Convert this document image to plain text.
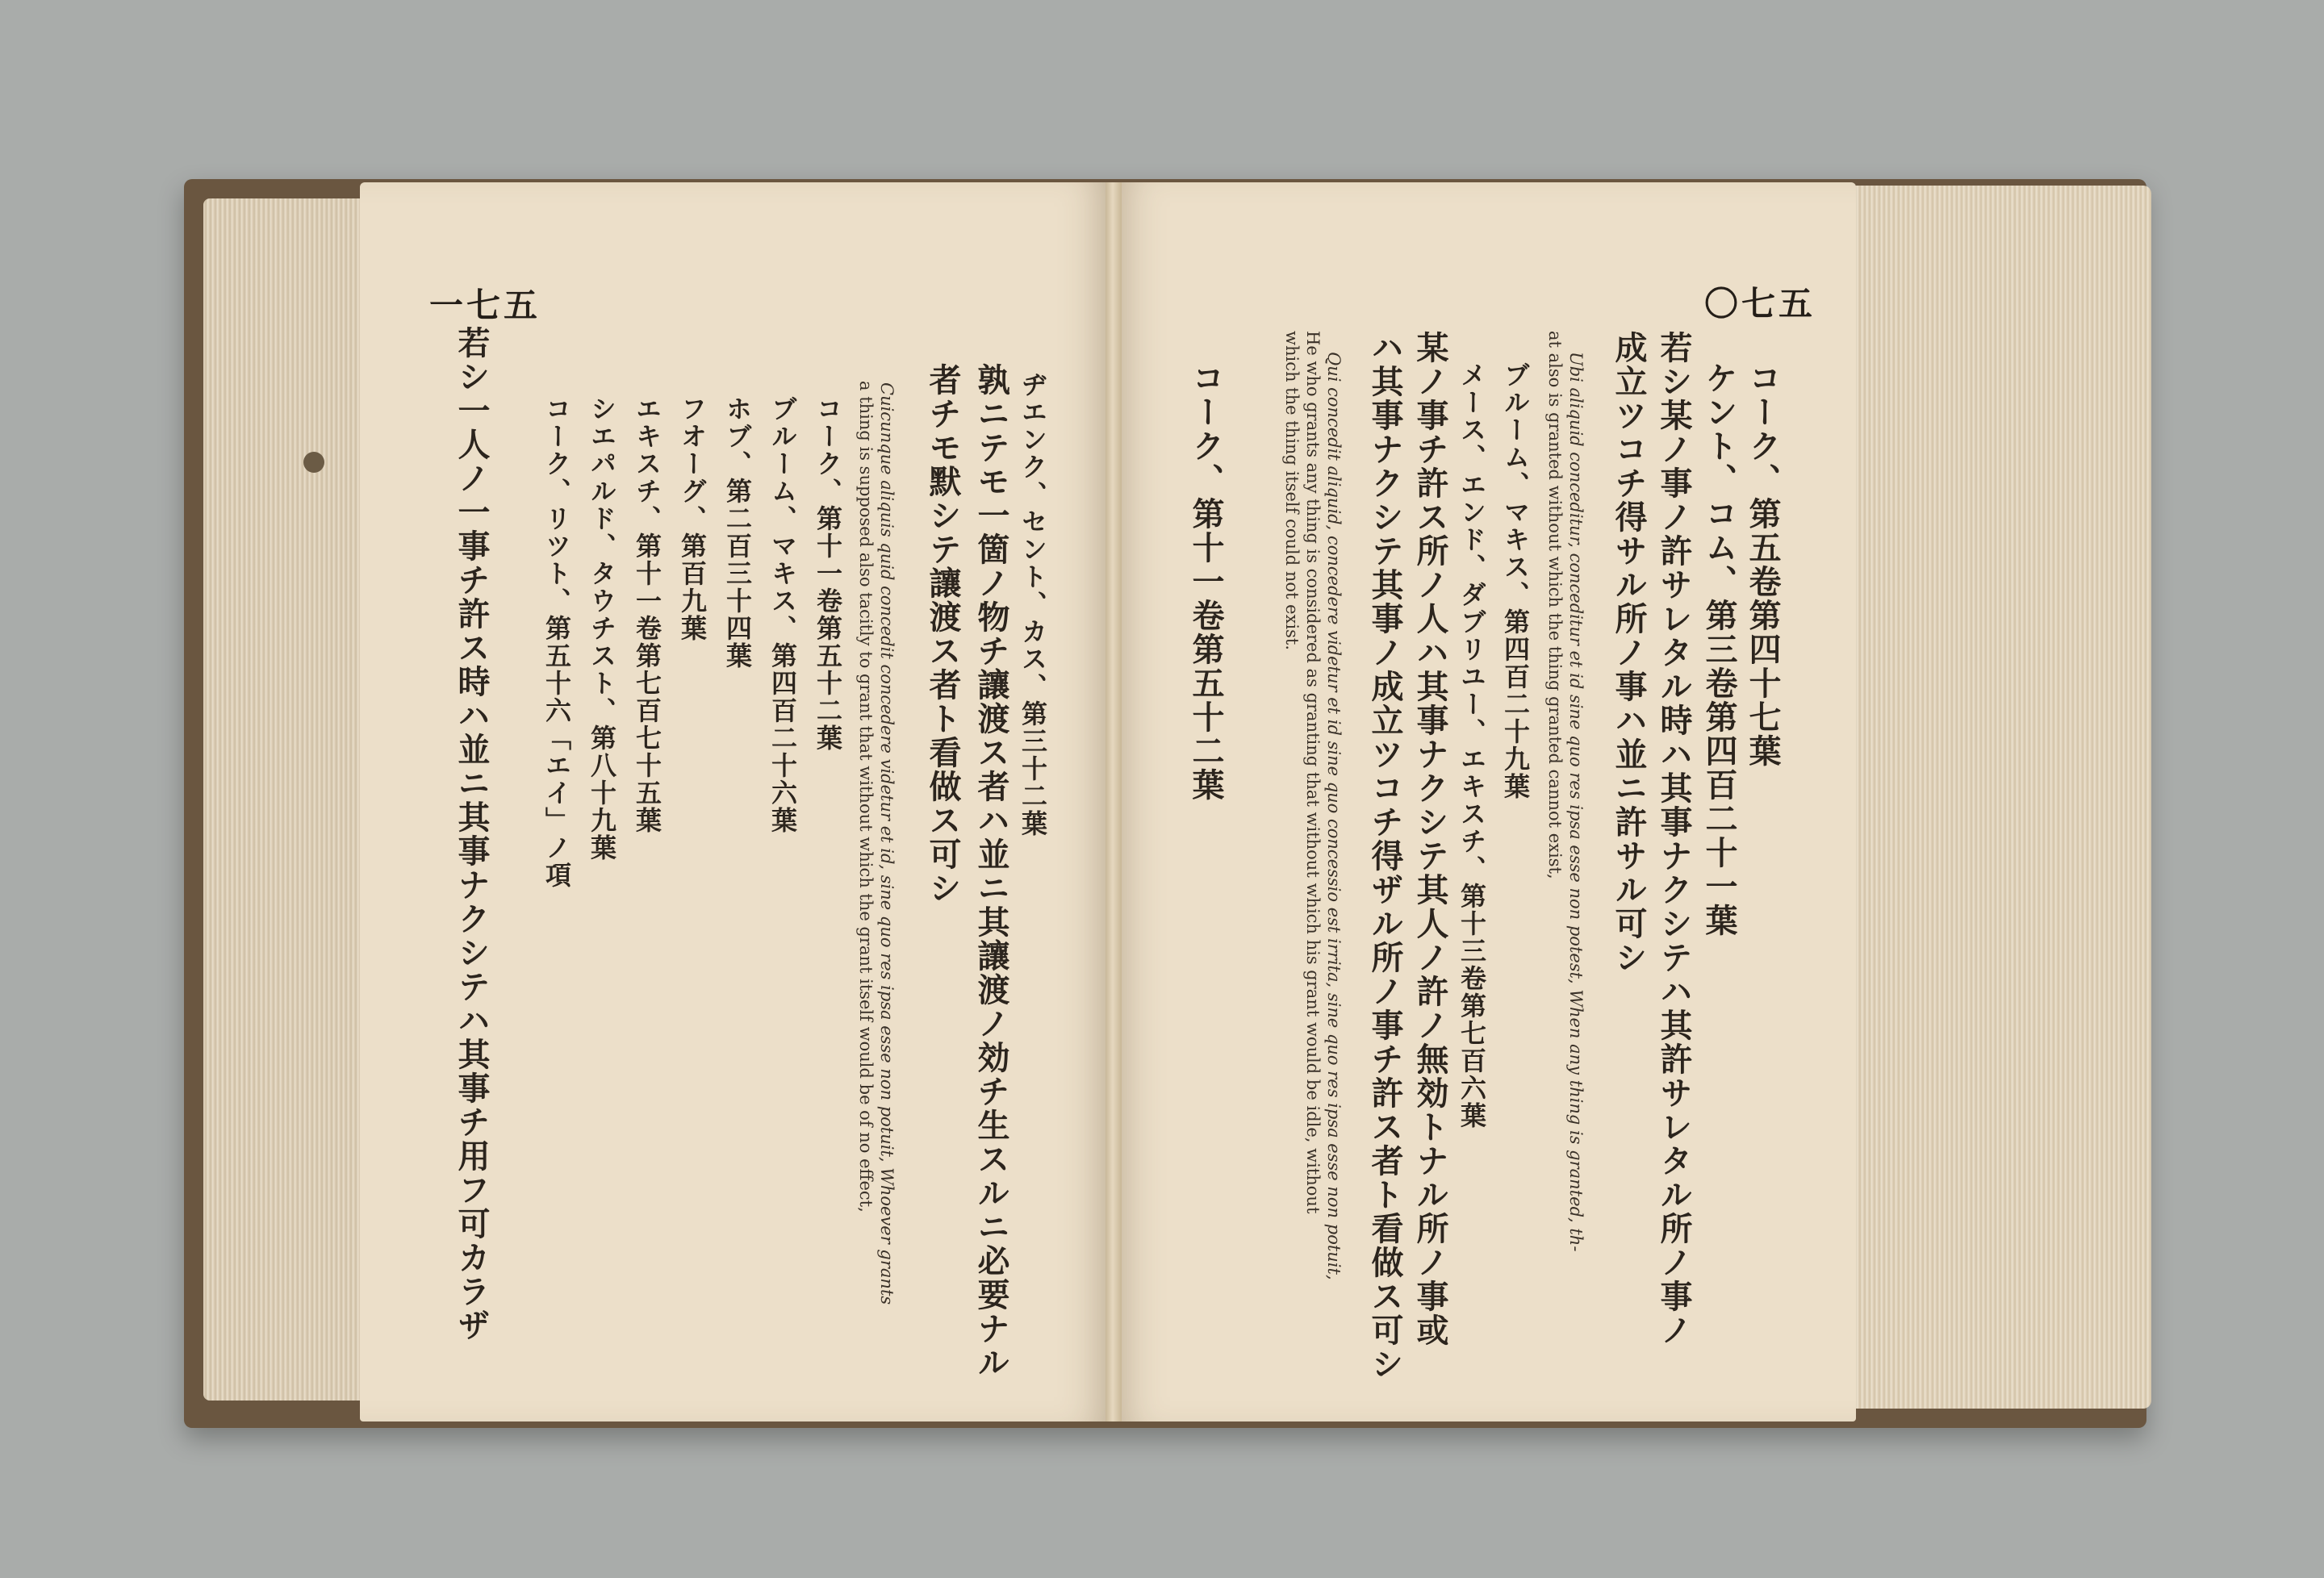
一七五
ヂエンク、セント、カス、第三十二葉
孰ニテモ一箇ノ物チ讓渡ス者ハ並ニ其讓渡ノ効チ生スルニ必要ナル
者チモ默シテ讓渡ス者ト看做ス可シ
Cuicunque aliquis quid concedit concedere videtur et id, sine quo res ipsa esse non potuit, Whoever grants
a thing is supposed also tacitly to grant that without which the grant itself would be of no effect,
コーク、第十一卷第五十二葉
ブルーム、マキス、第四百二十六葉
ホブ、第二百三十四葉
フオーグ、第百九葉
エキスチ、第十一卷第七百七十五葉
シエパルド、タウチスト、第八十九葉
コーク、リツト、第五十六「エイ」ノ項
若シ一人ノ一事チ許ス時ハ並ニ其事ナクシテハ其事チ用フ可カラザ
〇七五
コーク、第五卷第四十七葉
ケント、コム、第三卷第四百二十一葉
若シ某ノ事ノ許サレタル時ハ其事ナクシテハ其許サレタル所ノ事ノ
成立ツコチ得サル所ノ事ハ並ニ許サル可シ
Ubi aliquid conceditur, conceditur et id sine quo res ipsa esse non potest, When any thing is granted, th-
at also is granted without which the thing granted cannot exist,
ブルーム、マキス、第四百二十九葉
メース、エンド、ダブリユー、エキスチ、第十三卷第七百六葉
某ノ事チ許ス所ノ人ハ其事ナクシテ其人ノ許ノ無効トナル所ノ事或
ハ其事ナクシテ其事ノ成立ツコチ得ザル所ノ事チ許ス者ト看做ス可シ
Qui concedit aliquid, concedere videtur et id sine quo concessio est irrita, sine quo res ipsa esse non potuit,
He who grants any thing is considered as granting that without which his grant would be idle, without
which the thing itself could not exist.
コーク、第十一卷第五十二葉
